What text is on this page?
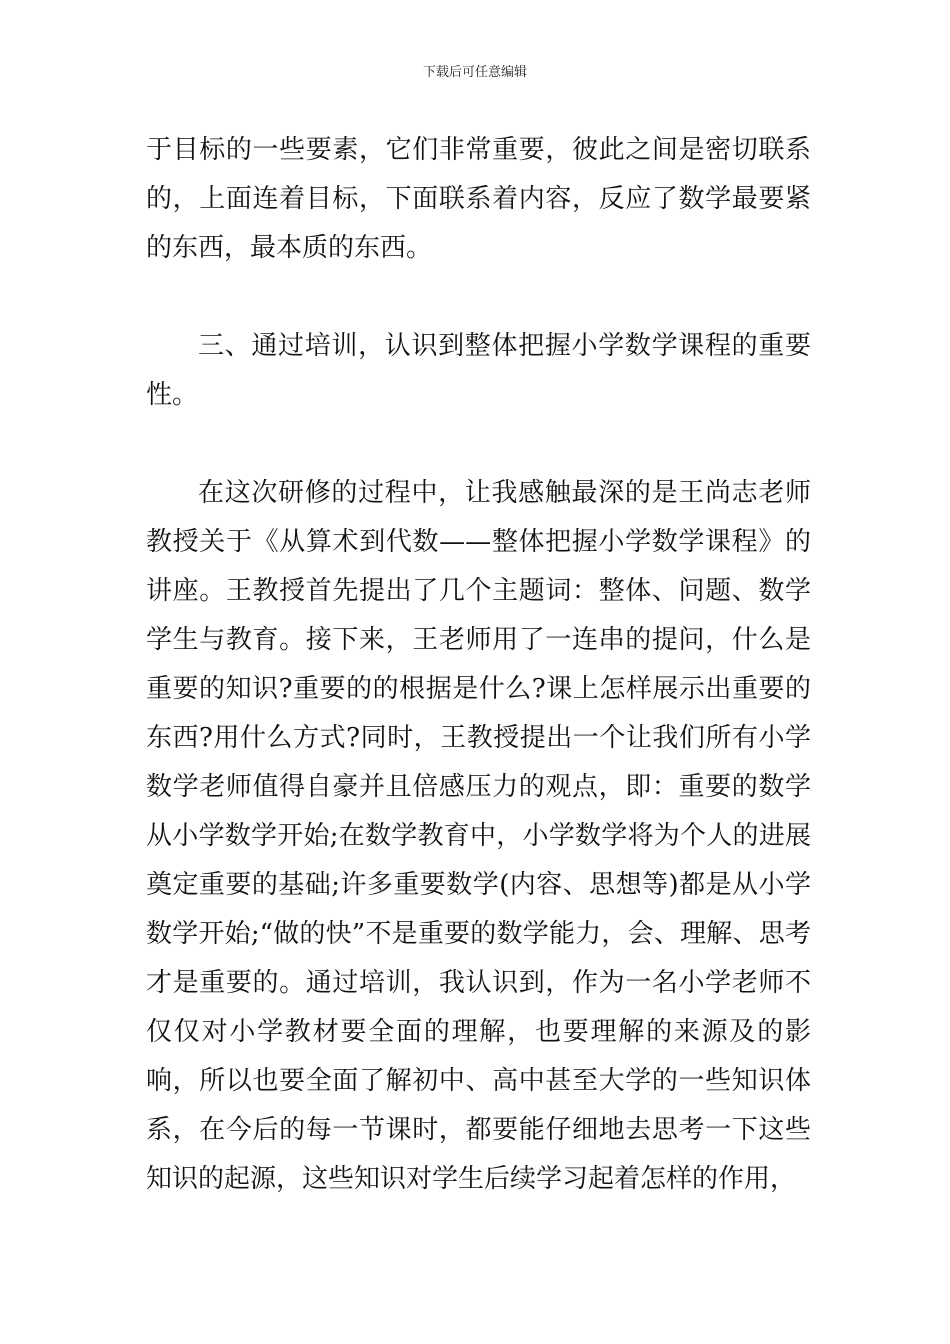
下载后可任意编辑

于目标的一些要素，它们非常重要，彼此之间是密切联系的，上面连着目标，下面联系着内容，反应了数学最要紧的东西，最本质的东西。

三、通过培训，认识到整体把握小学数学课程的重要性。

在这次研修的过程中，让我感触最深的是王尚志老师教授关于《从算术到代数——整体把握小学数学课程》的讲座。王教授首先提出了几个主题词：整体、问题、数学学生与教育。接下来，王老师用了一连串的提问，什么是重要的知识?重要的的根据是什么?课上怎样展示出重要的东西?用什么方式?同时，王教授提出一个让我们所有小学数学老师值得自豪并且倍感压力的观点，即：重要的数学从小学数学开始;在数学教育中，小学数学将为个人的进展奠定重要的基础;许多重要数学(内容、思想等)都是从小学数学开始;“做的快”不是重要的数学能力，会、理解、思考才是重要的。通过培训，我认识到，作为一名小学老师不仅仅对小学教材要全面的理解，也要理解的来源及的影响，所以也要全面了解初中、高中甚至大学的一些知识体系，在今后的每一节课时，都要能仔细地去思考一下这些知识的起源，这些知识对学生后续学习起着怎样的作用，
